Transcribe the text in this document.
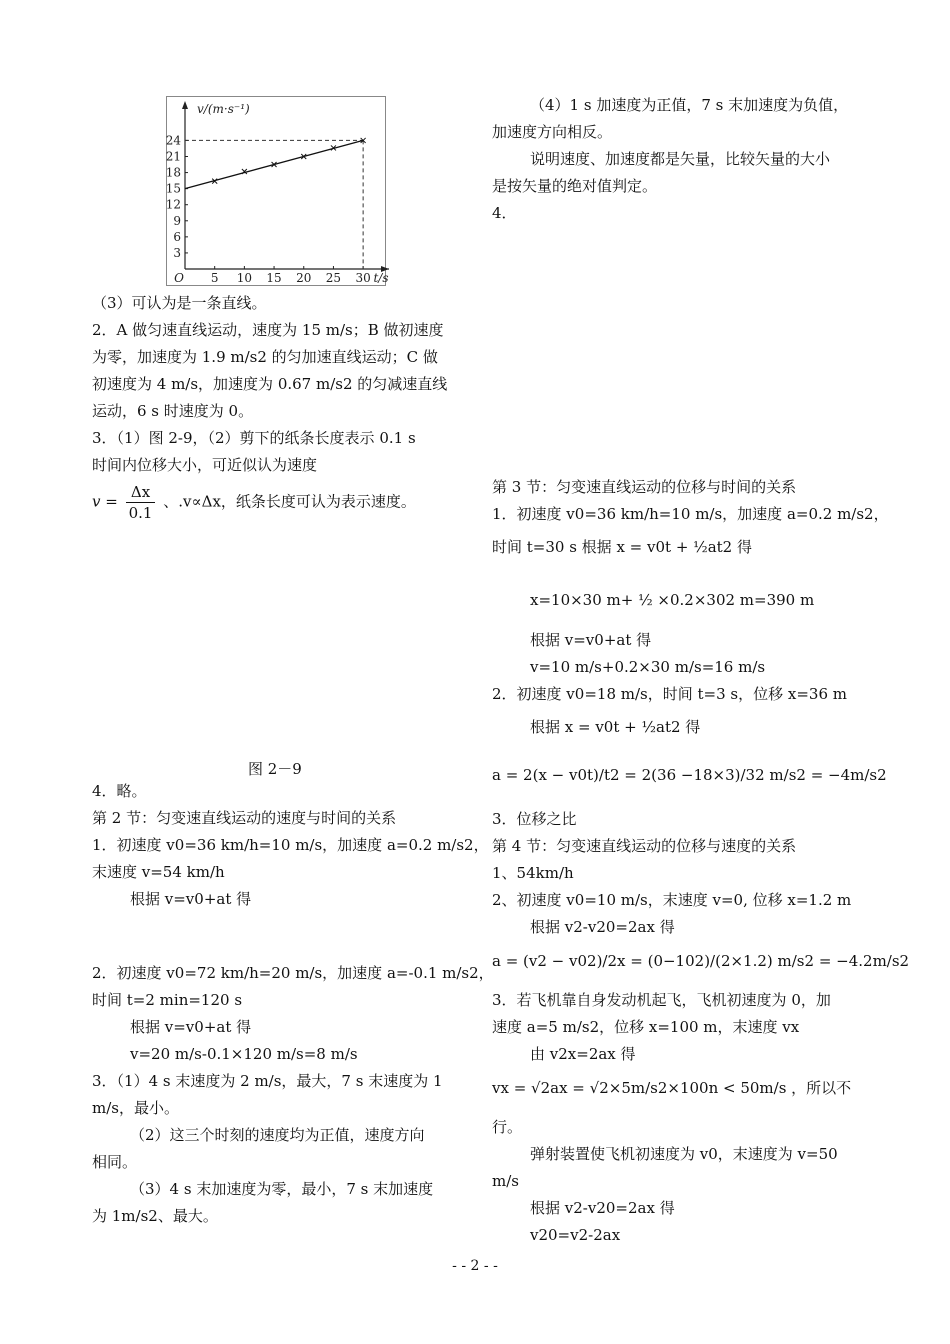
5 10 15 20 25 30
3
6
9
12
15
18
21
24
O	t/s
v/(m·s⁻¹)
（3）可认为是一条直线。
2．A 做匀速直线运动，速度为 15 m/s；B 做初速度
为零，加速度为 1.9 m/s2 的匀加速直线运动；C 做
初速度为 4 m/s，加速度为 0.67 m/s2 的匀减速直线
运动，6 s 时速度为 0。
3．（1）图 2-9，（2）剪下的纸条长度表示 0.1 s
时间内位移大小，可近似认为速度
$v = \frac{\Delta x}{0.1}$ 、.v∝Δx，纸条长度可认为表示速度。
图 2－9
4．略。
第 2 节：匀变速直线运动的速度与时间的关系
1．初速度 v0=36 km/h=10 m/s，加速度 a=0.2 m/s2，
末速度 v=54 km/h
根据 v=v0+at 得
2．初速度 v0=72 km/h=20 m/s，加速度 a=-0.1 m/s2，
时间 t=2 min=120 s
根据 v=v0+at 得
v=20 m/s-0.1×120 m/s=8 m/s
3．（1）4 s 末速度为 2 m/s，最大，7 s 末速度为 1
m/s，最小。
（2）这三个时刻的速度均为正值，速度方向
相同。
（3）4 s 末加速度为零，最小，7 s 末加速度
为 1m/s2、最大。
（4）1 s 加速度为正值，7 s 末加速度为负值，
加速度方向相反。
说明速度、加速度都是矢量，比较矢量的大小
是按矢量的绝对值判定。
4．
第 3 节：匀变速直线运动的位移与时间的关系
1．初速度 v0=36 km/h=10 m/s，加速度 a=0.2 m/s2，
时间 t=30 s 根据 x = v0t + ½at2 得
x=10×30 m+ ½ ×0.2×302 m=390 m
根据 v=v0+at 得
v=10 m/s+0.2×30 m/s=16 m/s
2．初速度 v0=18 m/s，时间 t=3 s，位移 x=36 m
根据 x = v0t + ½at2 得
a = 2(x − v0t)/t2 = 2(36 −18×3)/32 m/s2 = −4m/s2
3．位移之比
第 4 节：匀变速直线运动的位移与速度的关系
1、54km/h
2、初速度 v0=10 m/s，末速度 v=0, 位移 x=1.2 m
根据 v2-v20=2ax 得
a = (v2 − v02)/2x = (0−102)/(2×1.2) m/s2 = −4.2m/s2
3．若飞机靠自身发动机起飞，飞机初速度为 0，加
速度 a=5 m/s2，位移 x=100 m，末速度 vx
由 v2x=2ax 得
vx = √2ax = √2×5m/s2×100n < 50m/s ，所以不
行。
弹射装置使飞机初速度为 v0，末速度为 v=50
m/s
根据 v2-v20=2ax 得
v20=v2-2ax
- - 2 - -
